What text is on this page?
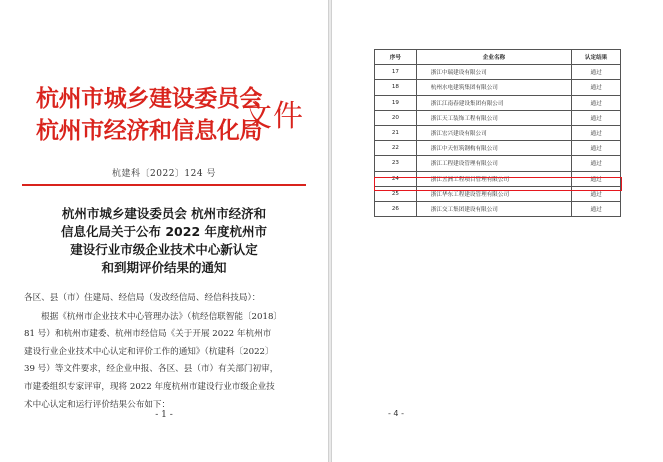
杭州市城乡建设委员会
杭州市经济和信息化局
文件
杭建科〔2022〕124 号
杭州市城乡建设委员会 杭州市经济和
信息化局关于公布 2022 年度杭州市
建设行业市级企业技术中心新认定
和到期评价结果的通知
各区、县（市）住建局、经信局（发改经信局、经信科技局）：
根据《杭州市企业技术中心管理办法》（杭经信联智能〔2018〕
81 号）和杭州市建委、杭州市经信局《关于开展 2022 年杭州市
建设行业企业技术中心认定和评价工作的通知》（杭建科〔2022〕
39 号）等文件要求，经企业申报、各区、县（市）有关部门初审，
市建委组织专家评审，现将 2022 年度杭州市建设行业市级企业技
术中心认定和运行评价结果公布如下：
- 1 -
序号	企业名称	认定结果
17	浙江中瑞建设有限公司	通过
18	杭州水电建筑集团有限公司	通过
19	浙江江南春建设集团有限公司	通过
20	浙江天工装饰工程有限公司	通过
21	浙江宏兴建设有限公司	通过
22	浙江中天恒筑钢构有限公司	通过
23	浙江工程建设管理有限公司	通过
24	浙江五洲工程项目管理有限公司	通过
25	浙江华东工程建设管理有限公司	通过
26	浙江交工集团建设有限公司	通过
- 4 -
